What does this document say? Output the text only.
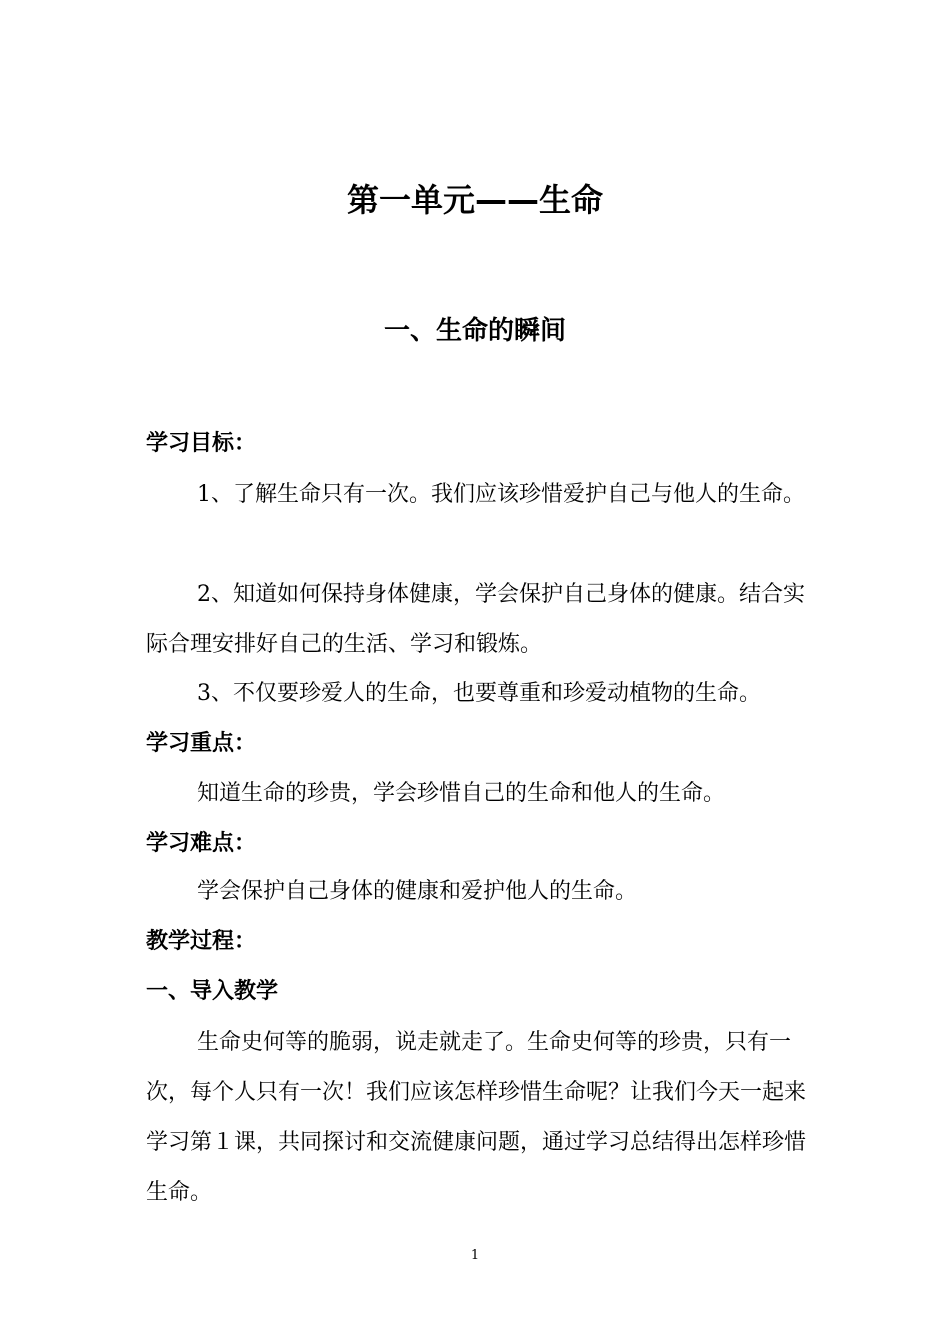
第一单元——生命
一、生命的瞬间
学习目标：

1、了解生命只有一次。我们应该珍惜爱护自己与他人的生命。

2、知道如何保持身体健康，学会保护自己身体的健康。结合实际合理安排好自己的生活、学习和锻炼。

3、不仅要珍爱人的生命，也要尊重和珍爱动植物的生命。
学习重点：
知道生命的珍贵，学会珍惜自己的生命和他人的生命。
学习难点：
学会保护自己身体的健康和爱护他人的生命。
教学过程：
一、导入教学

生命史何等的脆弱，说走就走了。生命史何等的珍贵，只有一次，每个人只有一次！我们应该怎样珍惜生命呢？让我们今天一起来学习第１课，共同探讨和交流健康问题，通过学习总结得出怎样珍惜生命。

1
